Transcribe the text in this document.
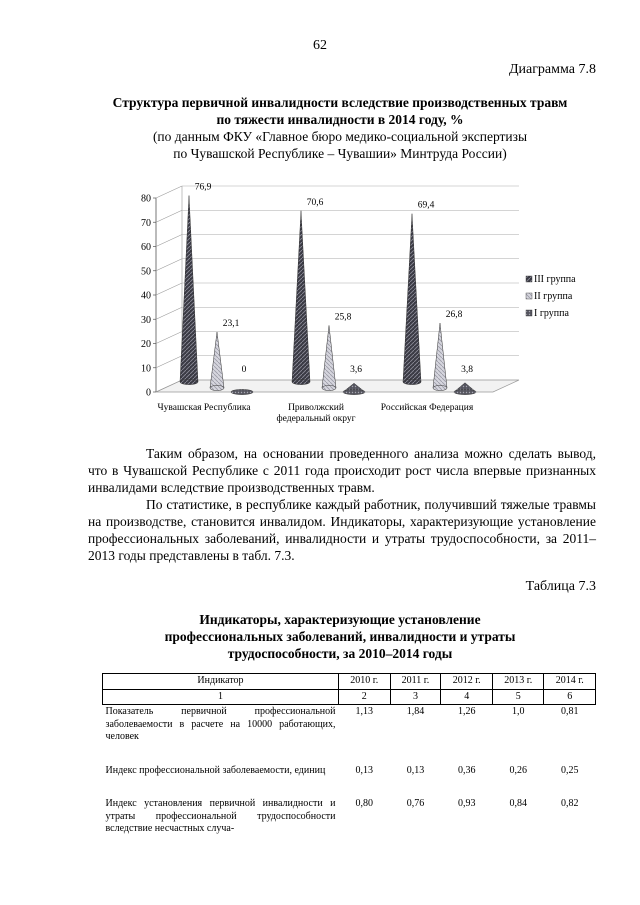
62
Диаграмма 7.8
Структура первичной инвалидности вследствие производственных травм
по тяжести инвалидности в 2014 году, %
(по данным ФКУ «Главное бюро медико-социальной экспертизы
по Чувашской Республике – Чувашии» Минтруда России)
0
10
20
30
40
50
60
70
80
76,9
70,6	69,4
23,1
25,8	26,8
0	3,6	3,8
Чувашская Республика	Приволжский
федеральный округ
Российская Федерация
III группа
II группа
I группа

Таким образом, на основании проведенного анализа можно сделать вывод, что в Чувашской Республике с 2011 года происходит рост числа впервые признанных инвалидами вследствие производственных травм.

По статистике, в республике каждый работник, получивший тяжелые травмы на производстве, становится инвалидом. Индикаторы, характеризующие установление профессиональных заболеваний, инвалидности и утраты трудоспособности, за 2011–2013 годы представлены в табл. 7.3.

Таблица 7.3
Индикаторы, характеризующие установление
профессиональных заболеваний, инвалидности и утраты
трудоспособности, за 2010–2014 годы
Индикатор	2010 г.	2011 г.	2012 г.	2013 г.	2014 г.
1	2	3	4	5	6
Показатель первичной профессиональной заболеваемости в расчете на 10000 работающих, человек	1,13	1,84	1,26	1,0	0,81
Индекс профессиональной заболеваемости, единиц	0,13	0,13	0,36	0,26	0,25
Индекс установления первичной инвалидности и утраты профессиональной трудоспособности вследствие несчастных случа-	0,80	0,76	0,93	0,84	0,82
